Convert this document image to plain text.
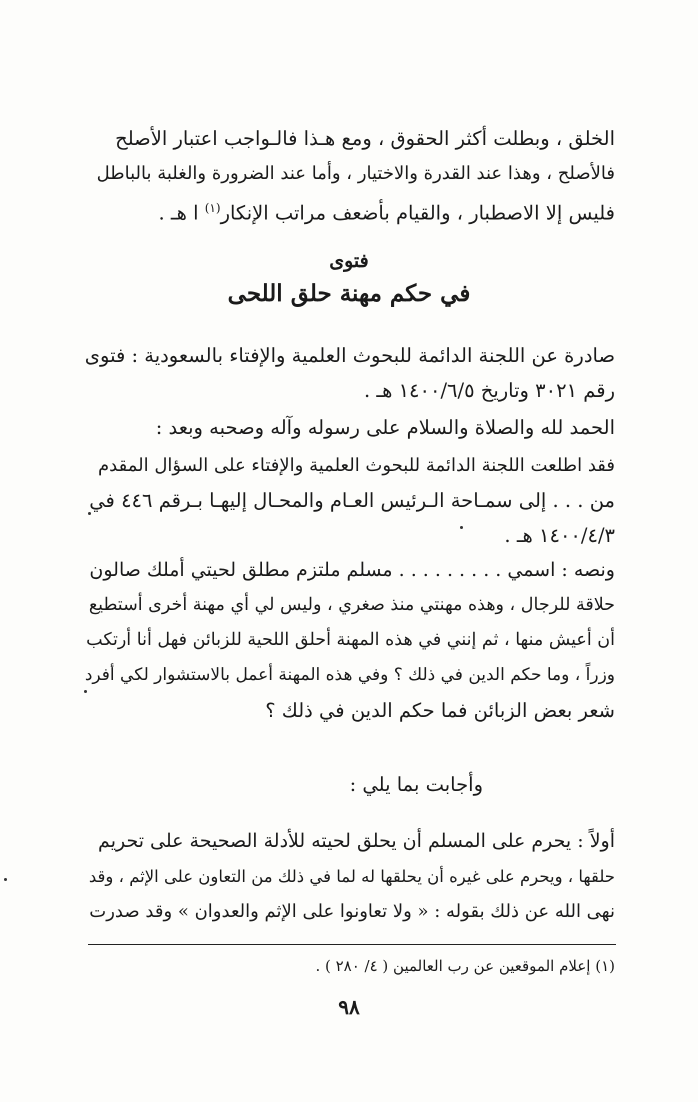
الخلق ، وبطلت أكثر الحقوق ، ومع هـذا فالـواجب اعتبار الأصلح
فالأصلح ، وهذا عند القدرة والاختيار ، وأما عند الضرورة والغلبة بالباطل
فليس إلا الاصطبار ، والقيام بأضعف مراتب الإنكار$^{(١)}$ ا هـ .
فتوى
في حكم مهنة حلق اللحى
صادرة عن اللجنة الدائمة للبحوث العلمية والإفتاء بالسعودية : فتوى
رقم ٣٠٢١ وتاريخ ١٤٠٠/٦/٥ هـ .
الحمد لله والصلاة والسلام على رسوله وآله وصحبه وبعد :
فقد اطلعت اللجنة الدائمة للبحوث العلمية والإفتاء على السؤال المقدم
من . . . إلى سمـاحة الـرئيس العـام والمحـال إليهـا بـرقم ٤٤٦ في
١٤٠٠/٤/٣ هـ .
ونصه : اسمي . . . . . . . . . مسلم ملتزم مطلق لحيتي أملك صالون
حلاقة للرجال ، وهذه مهنتي منذ صغري ، وليس لي أي مهنة أخرى أستطيع
أن أعيش منها ، ثم إنني في هذه المهنة أحلق اللحية للزبائن فهل أنا أرتكب
وزراً ، وما حكم الدين في ذلك ؟ وفي هذه المهنة أعمل بالاستشوار لكي أفرد
شعر بعض الزبائن فما حكم الدين في ذلك ؟
وأجابت بما يلي :
أولاً : يحرم على المسلم أن يحلق لحيته للأدلة الصحيحة على تحريم
حلقها ، ويحرم على غيره أن يحلقها له لما في ذلك من التعاون على الإثم ، وقد
نهى الله عن ذلك بقوله : « ولا تعاونوا على الإثم والعدوان » وقد صدرت
(١) إعلام الموقعين عن رب العالمين ( ٤/ ٢٨٠ ) .
٩٨
